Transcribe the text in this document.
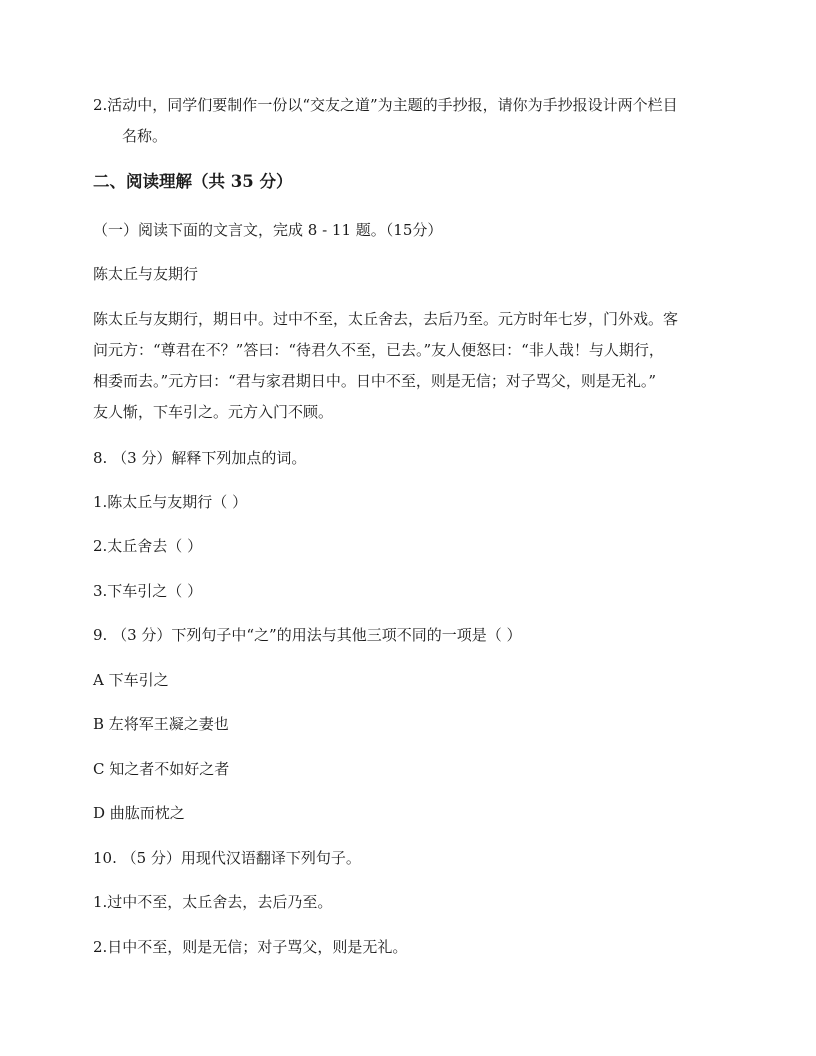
2.活动中，同学们要制作一份以“交友之道”为主题的手抄报，请你为手抄报设计两个栏目
名称。
二、阅读理解（共 35 分）
（一）阅读下面的文言文，完成 8 - 11 题。（15分）
陈太丘与友期行
陈太丘与友期行，期日中。过中不至，太丘舍去，去后乃至。元方时年七岁，门外戏。客
问元方：“尊君在不？”答曰：“待君久不至，已去。”友人便怒曰：“非人哉！与人期行，
相委而去。”元方曰：“君与家君期日中。日中不至，则是无信；对子骂父，则是无礼。”
友人惭，下车引之。元方入门不顾。
8. （3 分）解释下列加点的词。
1.陈太丘与友期行（ ）
2.太丘舍去（ ）
3.下车引之（ ）
9. （3 分）下列句子中“之”的用法与其他三项不同的一项是（ ）
A 下车引之
B 左将军王凝之妻也
C 知之者不如好之者
D 曲肱而枕之
10. （5 分）用现代汉语翻译下列句子。
1.过中不至，太丘舍去，去后乃至。
2.日中不至，则是无信；对子骂父，则是无礼。
